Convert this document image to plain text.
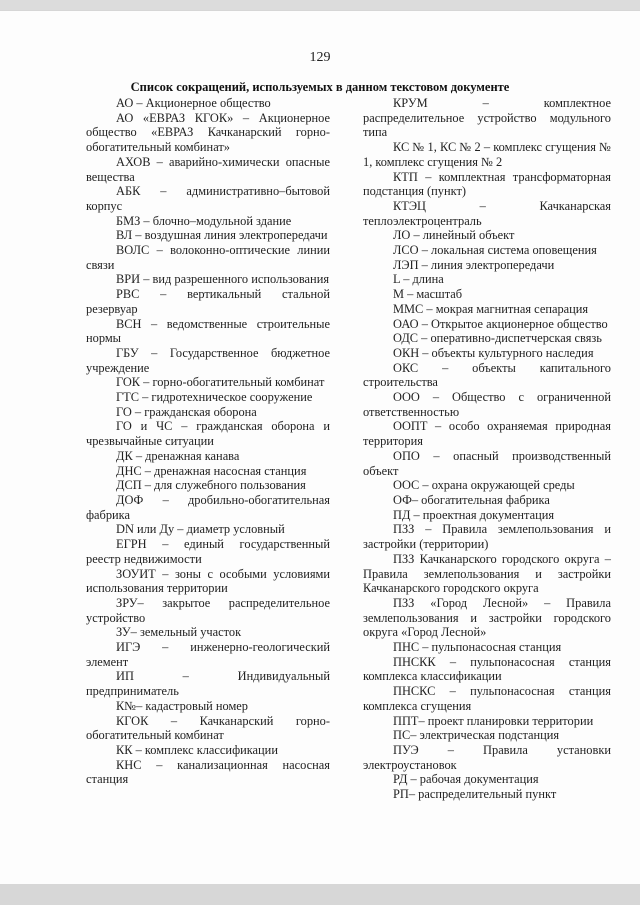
129
Список сокращений, используемых в данном текстовом документе

АО – Акционерное общество

АО «ЕВРАЗ КГОК» – Акционерное общество «ЕВРАЗ Качканарский горно-обогатительный комбинат»

АХОВ – аварийно-химически опасные вещества

АБК – административно–бытовой корпус

БМЗ – блочно–модульной здание

ВЛ – воздушная линия электропередачи

ВОЛС – волоконно-оптические линии связи

ВРИ – вид разрешенного использования

РВС – вертикальный стальной резервуар

ВСН – ведомственные строительные нормы

ГБУ – Государственное бюджетное учреждение

ГОК – горно-обогатительный комбинат

ГТС – гидротехническое сооружение

ГО – гражданская оборона

ГО и ЧС – гражданская оборона и чрезвычайные ситуации

ДК – дренажная канава

ДНС – дренажная насосная станция

ДСП – для служебного пользования

ДОФ – дробильно-обогатительная фабрика

DN или Ду – диаметр условный

ЕГРН – единый государственный реестр недвижимости

ЗОУИТ – зоны с особыми условиями использования территории

ЗРУ– закрытое распределительное устройство

ЗУ– земельный участок

ИГЭ – инженерно-геологический элемент

ИП – Индивидуальный предприниматель

К№– кадастровый номер

КГОК – Качканарский горно-обогатительный комбинат

КК – комплекс классификации

КНС – канализационная насосная станция

КРУМ – комплектное распределительное устройство модульного типа

КС № 1, КС № 2 – комплекс сгущения № 1, комплекс сгущения № 2

КТП – комплектная трансформаторная подстанция (пункт)

КТЭЦ – Качканарская теплоэлектроцентраль

ЛО – линейный объект

ЛСО – локальная система оповещения

ЛЭП – линия электропередачи

L – длина

M – масштаб

ММС – мокрая магнитная сепарация

ОАО – Открытое акционерное общество

ОДС – оперативно-диспетчерская связь

ОКН – объекты культурного наследия

ОКС – объекты капитального строительства

ООО – Общество с ограниченной ответственностью

ООПТ – особо охраняемая природная территория

ОПО – опасный производственный объект

ООС – охрана окружающей среды

ОФ– обогатительная фабрика

ПД – проектная документация

ПЗЗ – Правила землепользования и застройки (территории)

ПЗЗ Качканарского городского округа – Правила землепользования и застройки Качканарского городского округа

ПЗЗ «Город Лесной» – Правила землепользования и застройки городского округа «Город Лесной»

ПНС – пульпонасосная станция

ПНСКК – пульпонасосная станция комплекса классификации

ПНСКС – пульпонасосная станция комплекса сгущения

ППТ– проект планировки территории

ПС– электрическая подстанция

ПУЭ – Правила установки электроустановок

РД – рабочая документация

РП– распределительный пункт
